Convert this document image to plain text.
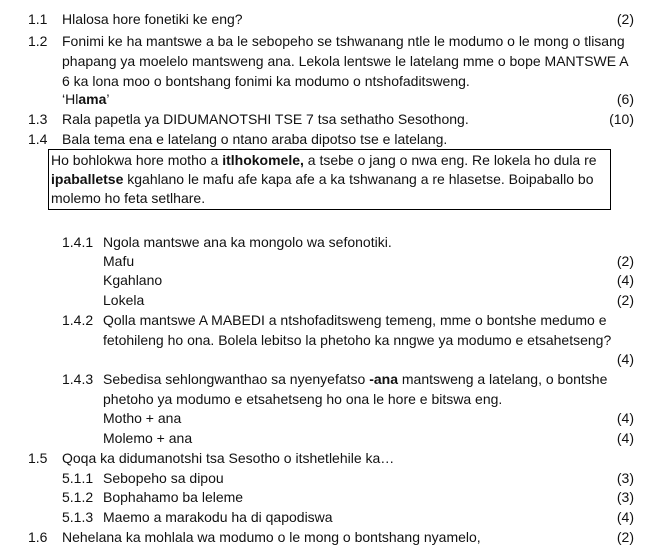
1.1 Hlalosa hore fonetiki ke eng?	(2)
1.2 Fonimi ke ha mantswe a ba le sebopeho se tshwanang ntle le modumo o le mong o tlisang
phapang ya moelelo mantsweng ana. Lekola lentswe le latelang mme o bope MANTSWE A
6 ka lona moo o bontshang fonimi ka modumo o ntshofaditsweng.
‘Hlama’	(6)
1.3 Rala papetla ya DIDUMANOTSHI TSE 7 tsa sethatho Sesothong.	(10)
1.4 Bala tema ena e latelang o ntano araba dipotso tse e latelang.
Ho bohlokwa hore motho a itlhokomele, a tsebe o jang o nwa eng. Re lokela ho dula re
ipaballetse kgahlano le mafu afe kapa afe a ka tshwanang a re hlasetse. Boipaballo bo
molemo ho feta setlhare.
1.4.1 Ngola mantswe ana ka mongolo wa sefonotiki.
Mafu	(2)
Kgahlano	(4)
Lokela	(2)
1.4.2 Qolla mantswe A MABEDI a ntshofaditsweng temeng, mme o bontshe medumo e
fetohileng ho ona. Bolela lebitso la phetoho ka nngwe ya modumo e etsahetseng?
(4)
1.4.3 Sebedisa sehlongwanthao sa nyenyefatso -ana mantsweng a latelang, o bontshe
phetoho ya modumo e etsahetseng ho ona le hore e bitswa eng.
Motho + ana	(4)
Molemo + ana	(4)
1.5 Qoqa ka didumanotshi tsa Sesotho o itshetlehile ka…
5.1.1 Sebopeho sa dipou	(3)
5.1.2 Bophahamo ba leleme	(3)
5.1.3 Maemo a marakodu ha di qapodiswa	(4)
1.6 Nehelana ka mohlala wa modumo o le mong o bontshang nyamelo,	(2)
